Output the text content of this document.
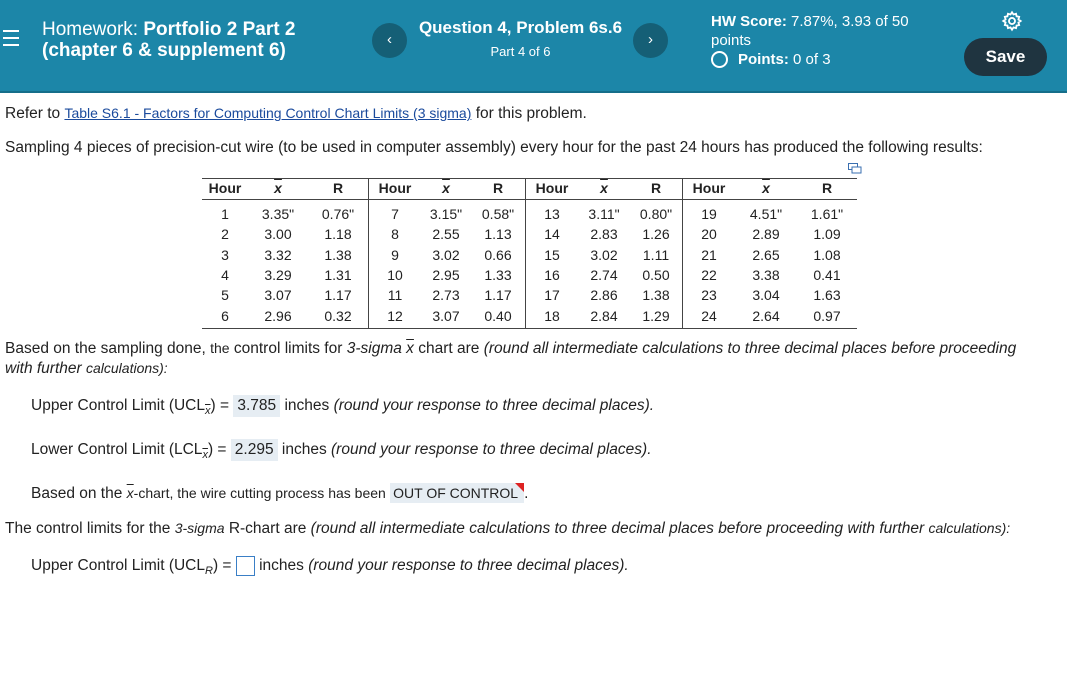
Homework: Portfolio 2 Part 2
(chapter 6 & supplement 6)
‹
Question 4, Problem 6s.6
Part 4 of 6
›
HW Score: 7.87%, 3.93 of 50
points
Points:
0 of 3	Save
Refer to Table S6.1 - Factors for Computing Control Chart Limits (3 sigma) for this problem.
Sampling 4 pieces of precision-cut wire (to be used in computer assembly) every hour for the past 24 hours has produced the following results:
Hour	$\overline{x}$	R	Hour	$\overline{x}$	R	Hour	$\overline{x}$	R	Hour	$\overline{x}$	R
1	3.35"	0.76"	7	3.15"	0.58"	13	3.11"	0.80"	19	4.51"	1.61"
2	3.00	1.18	8	2.55	1.13	14	2.83	1.26	20	2.89	1.09
3	3.32	1.38	9	3.02	0.66	15	3.02	1.11	21	2.65	1.08
4	3.29	1.31	10	2.95	1.33	16	2.74	0.50	22	3.38	0.41
5	3.07	1.17	11	2.73	1.17	17	2.86	1.38	23	3.04	1.63
6	2.96	0.32	12	3.07	0.40	18	2.84	1.29	24	2.64	0.97
Based on the sampling done, the control limits for 3-sigma $\overline{x}$ chart are (round all intermediate calculations to three decimal places before proceeding
with further calculations):
Upper Control Limit $(UCL_{\overline{x}}) = 3.785$ inches (round your response to three decimal places).
Lower Control Limit $(LCL_{\overline{x}}) = 2.295$ inches (round your response to three decimal places).
Based on the $\overline{x}$-chart, the wire cutting process has been OUT OF CONTROL .
The control limits for the 3-sigma R-chart are (round all intermediate calculations to three decimal places before proceeding with further calculations):
Upper Control Limit $(UCL_R)$ = inches (round your response to three decimal places).
